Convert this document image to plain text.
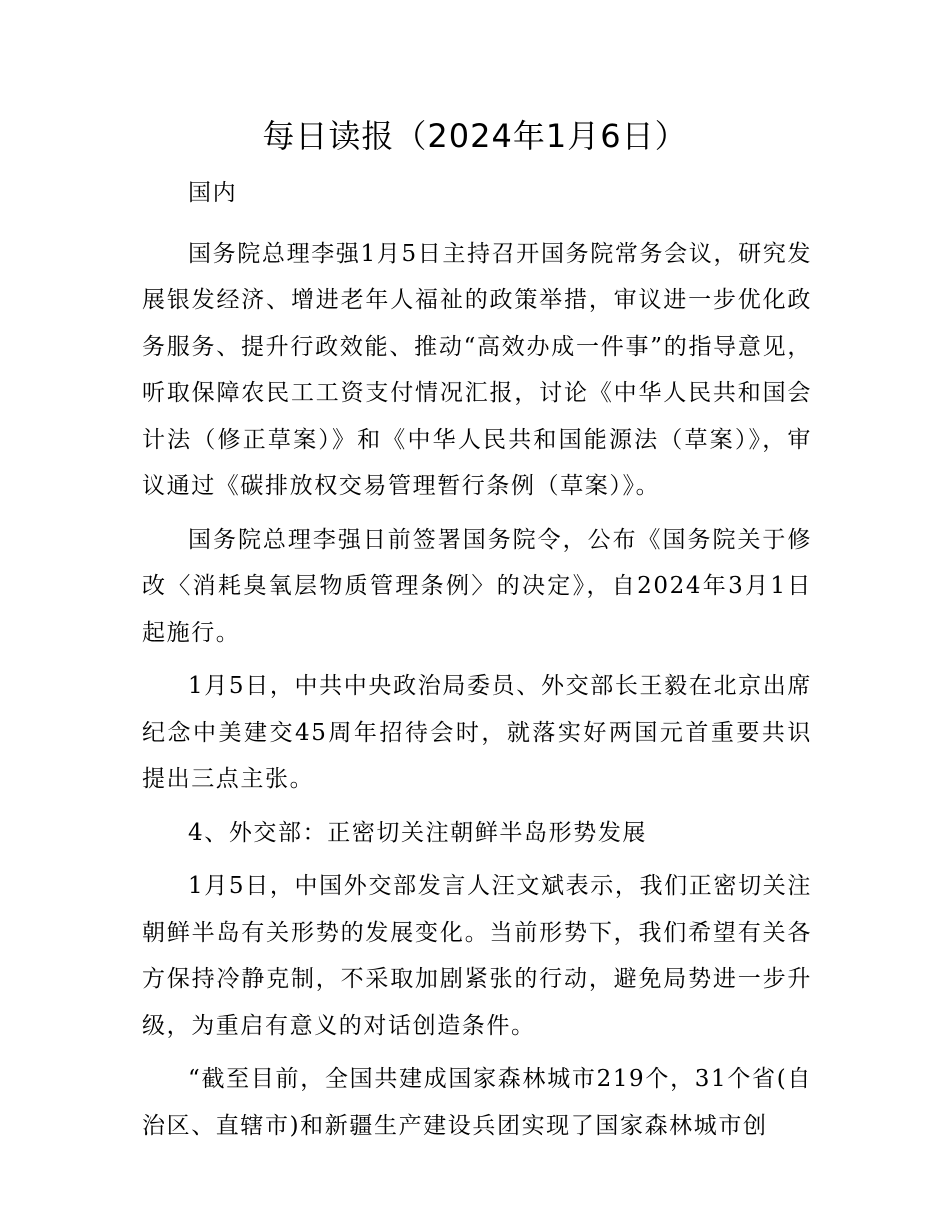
每日读报（2024年1月6日）

国内

国务院总理李强1月5日主持召开国务院常务会议，研究发展银发经济、增进老年人福祉的政策举措，审议进一步优化政务服务、提升行政效能、推动“高效办成一件事”的指导意见，听取保障农民工工资支付情况汇报，讨论《中华人民共和国会计法（修正草案）》和《中华人民共和国能源法（草案）》，审议通过《碳排放权交易管理暂行条例（草案）》。

国务院总理李强日前签署国务院令，公布《国务院关于修改〈消耗臭氧层物质管理条例〉的决定》，自2024年3月1日起施行。

1月5日，中共中央政治局委员、外交部长王毅在北京出席纪念中美建交45周年招待会时，就落实好两国元首重要共识提出三点主张。

4、外交部：正密切关注朝鲜半岛形势发展

1月5日，中国外交部发言人汪文斌表示，我们正密切关注朝鲜半岛有关形势的发展变化。当前形势下，我们希望有关各方保持冷静克制，不采取加剧紧张的行动，避免局势进一步升级，为重启有意义的对话创造条件。

“截至目前，全国共建成国家森林城市219个，31个省(自治区、直辖市)和新疆生产建设兵团实现了国家森林城市创
